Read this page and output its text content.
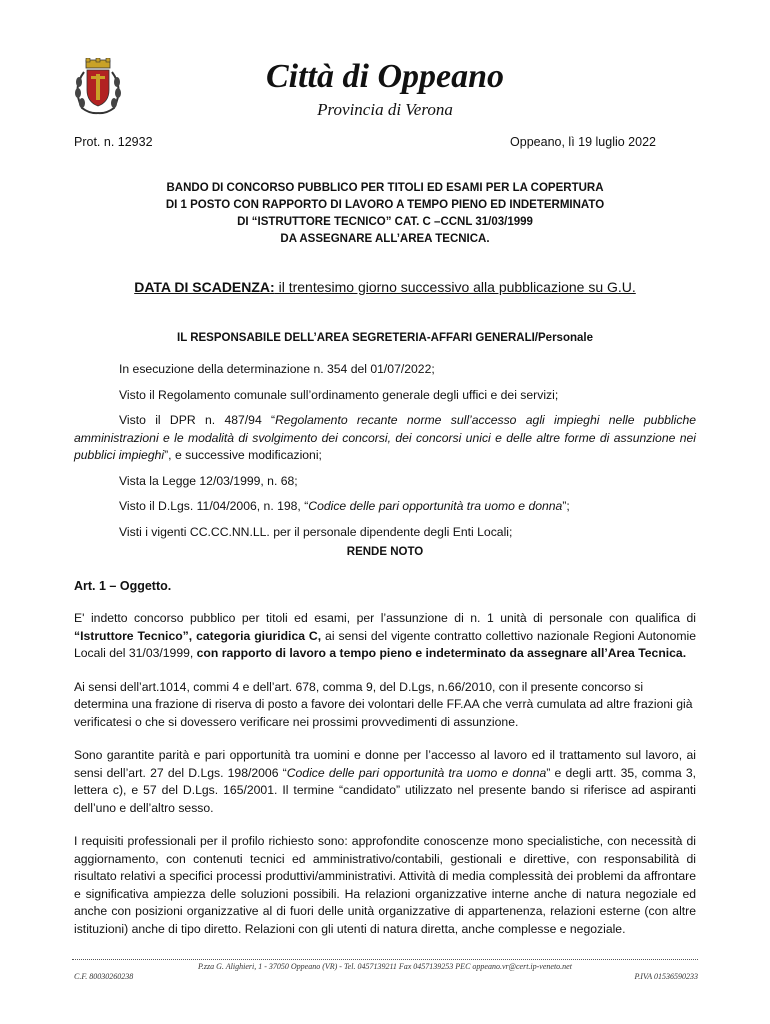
Città di Oppeano
Provincia di Verona
Prot. n. 12932	Oppeano, lì 19 luglio 2022
BANDO DI CONCORSO PUBBLICO PER TITOLI ED ESAMI PER LA COPERTURA
DI 1 POSTO CON RAPPORTO DI LAVORO A TEMPO PIENO ED INDETERMINATO
DI “ISTRUTTORE TECNICO” CAT. C –CCNL 31/03/1999
DA ASSEGNARE ALL’AREA TECNICA.
DATA DI SCADENZA: il trentesimo giorno successivo alla pubblicazione su G.U.
IL RESPONSABILE DELL’AREA SEGRETERIA-AFFARI GENERALI/Personale

In esecuzione della determinazione n. 354 del 01/07/2022;

Visto il Regolamento comunale sull’ordinamento generale degli uffici e dei servizi;

Visto il DPR n. 487/94 “Regolamento recante norme sull’accesso agli impieghi nelle pubbliche amministrazioni e le modalità di svolgimento dei concorsi, dei concorsi unici e delle altre forme di assunzione nei pubblici impieghi”, e successive modificazioni;

Vista la Legge 12/03/1999, n. 68;

Visto il D.Lgs. 11/04/2006, n. 198, “Codice delle pari opportunità tra uomo e donna”;

Visti i vigenti CC.CC.NN.LL. per il personale dipendente degli Enti Locali;

RENDE NOTO
Art. 1 – Oggetto.

E' indetto concorso pubblico per titoli ed esami, per l’assunzione di n. 1 unità di personale con qualifica di “Istruttore Tecnico”, categoria giuridica C, ai sensi del vigente contratto collettivo nazionale Regioni Autonomie Locali del 31/03/1999, con rapporto di lavoro a tempo pieno e indeterminato da assegnare all’Area Tecnica.

Ai sensi dell’art.1014, commi 4 e dell’art. 678, comma 9, del D.Lgs, n.66/2010, con il presente concorso si determina una frazione di riserva di posto a favore dei volontari delle FF.AA che verrà cumulata ad altre frazioni già verificatesi o che si dovessero verificare nei prossimi provvedimenti di assunzione.

Sono garantite parità e pari opportunità tra uomini e donne per l’accesso al lavoro ed il trattamento sul lavoro, ai sensi dell’art. 27 del D.Lgs. 198/2006 “Codice delle pari opportunità tra uomo e donna” e degli artt. 35, comma 3, lettera c), e 57 del D.Lgs. 165/2001. Il termine “candidato” utilizzato nel presente bando si riferisce ad aspiranti dell’uno e dell’altro sesso.

I requisiti professionali per il profilo richiesto sono: approfondite conoscenze mono specialistiche, con necessità di aggiornamento, con contenuti tecnici ed amministrativo/contabili, gestionali e direttive, con responsabilità di risultato relativi a specifici processi produttivi/amministrativi. Attività di media complessità dei problemi da affrontare e significativa ampiezza delle soluzioni possibili. Ha relazioni organizzative interne anche di natura negoziale ed anche con posizioni organizzative al di fuori delle unità organizzative di appartenenza, relazioni esterne (con altre istituzioni) anche di tipo diretto. Relazioni con gli utenti di natura diretta, anche complesse e negoziale.

P.zza G. Alighieri, 1 - 37050 Oppeano (VR) - Tel. 0457139211 Fax 0457139253 PEC oppeano.vr@cert.ip-veneto.net
C.F. 80030260238	P.IVA 01536590233
